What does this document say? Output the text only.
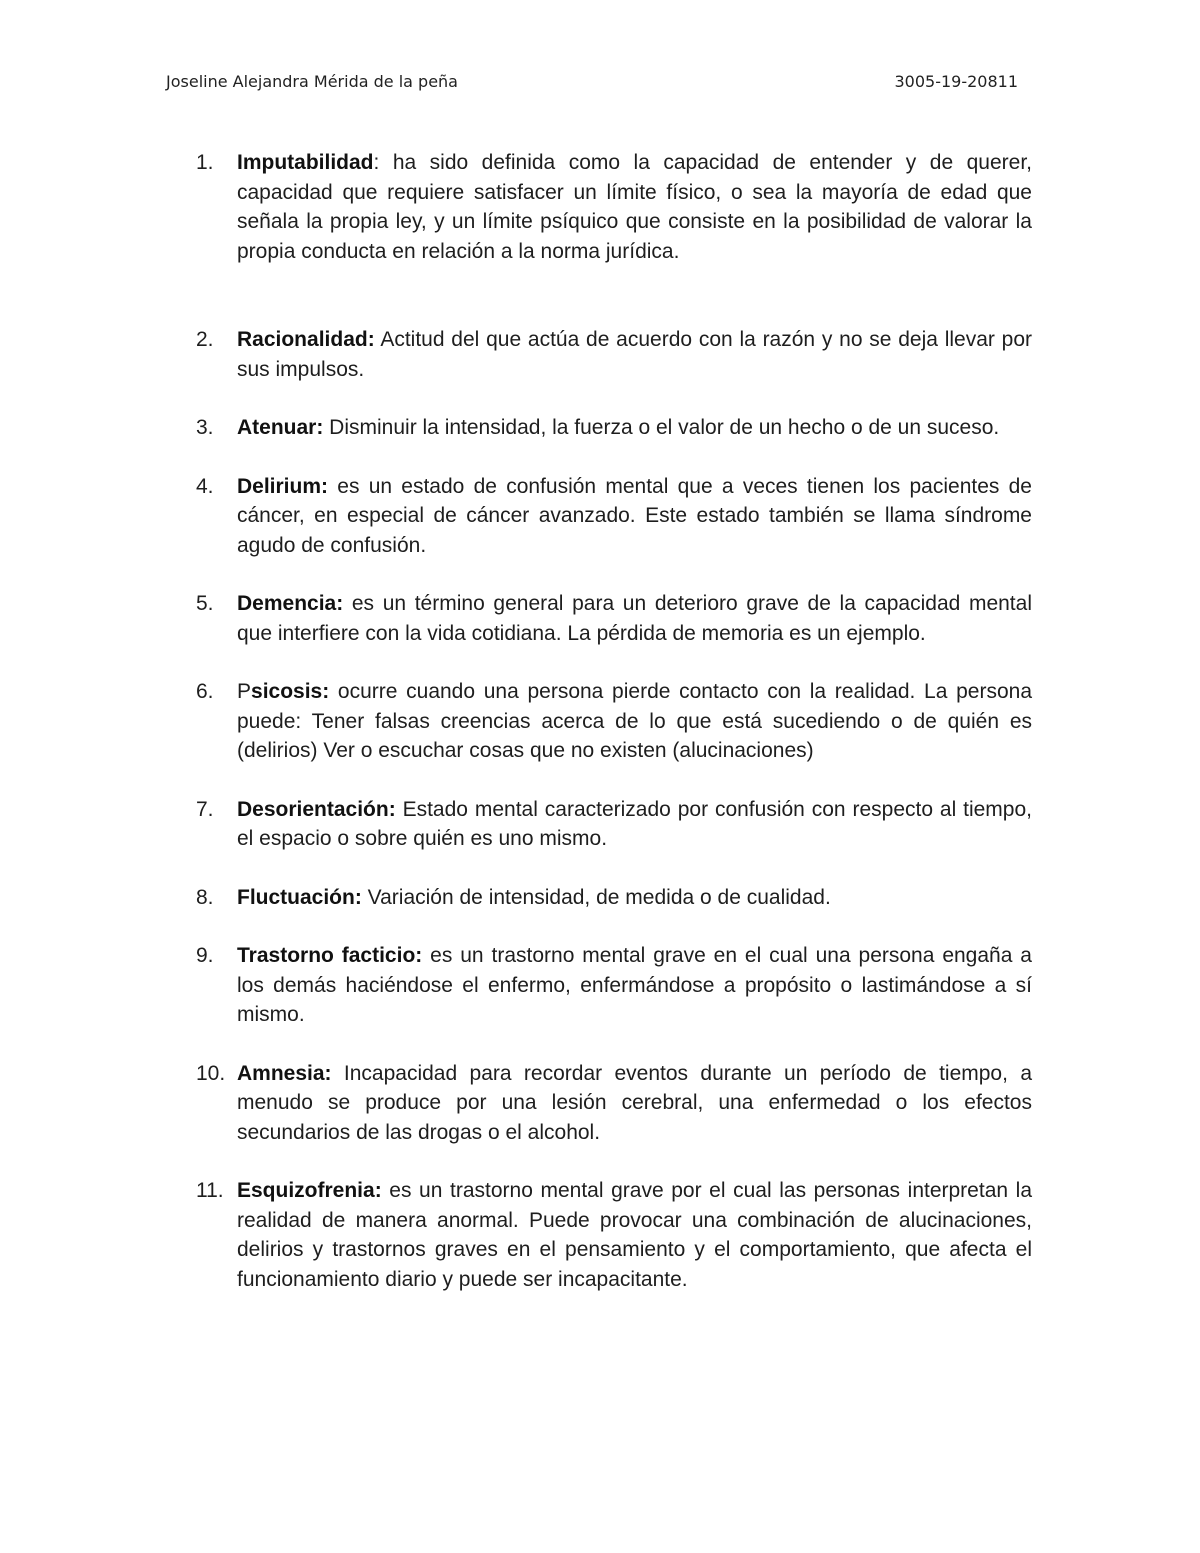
Joseline Alejandra Mérida de la peña	3005-19-20811
1.	Imputabilidad: ha sido definida como la capacidad de entender y de querer, capacidad que requiere satisfacer un límite físico, o sea la mayoría de edad que señala la propia ley, y un límite psíquico que consiste en la posibilidad de valorar la propia conducta en relación a la norma jurídica.
2.	Racionalidad: Actitud del que actúa de acuerdo con la razón y no se deja llevar por sus impulsos.
3.	Atenuar: Disminuir la intensidad, la fuerza o el valor de un hecho o de un suceso.
4.	Delirium: es un estado de confusión mental que a veces tienen los pacientes de cáncer, en especial de cáncer avanzado. Este estado también se llama síndrome agudo de confusión.
5.	Demencia: es un término general para un deterioro grave de la capacidad mental que interfiere con la vida cotidiana. La pérdida de memoria es un ejemplo.
6.	Psicosis: ocurre cuando una persona pierde contacto con la realidad. La persona puede: Tener falsas creencias acerca de lo que está sucediendo o de quién es (delirios) Ver o escuchar cosas que no existen (alucinaciones)
7.	Desorientación: Estado mental caracterizado por confusión con respecto al tiempo, el espacio o sobre quién es uno mismo.
8.	Fluctuación: Variación de intensidad, de medida o de cualidad.
9.	Trastorno facticio: es un trastorno mental grave en el cual una persona engaña a los demás haciéndose el enfermo, enfermándose a propósito o lastimándose a sí mismo.
10. Amnesia: Incapacidad para recordar eventos durante un período de tiempo, a menudo se produce por una lesión cerebral, una enfermedad o los efectos secundarios de las drogas o el alcohol.
11. Esquizofrenia: es un trastorno mental grave por el cual las personas interpretan la realidad de manera anormal. Puede provocar una combinación de alucinaciones, delirios y trastornos graves en el pensamiento y el comportamiento, que afecta el funcionamiento diario y puede ser incapacitante.
